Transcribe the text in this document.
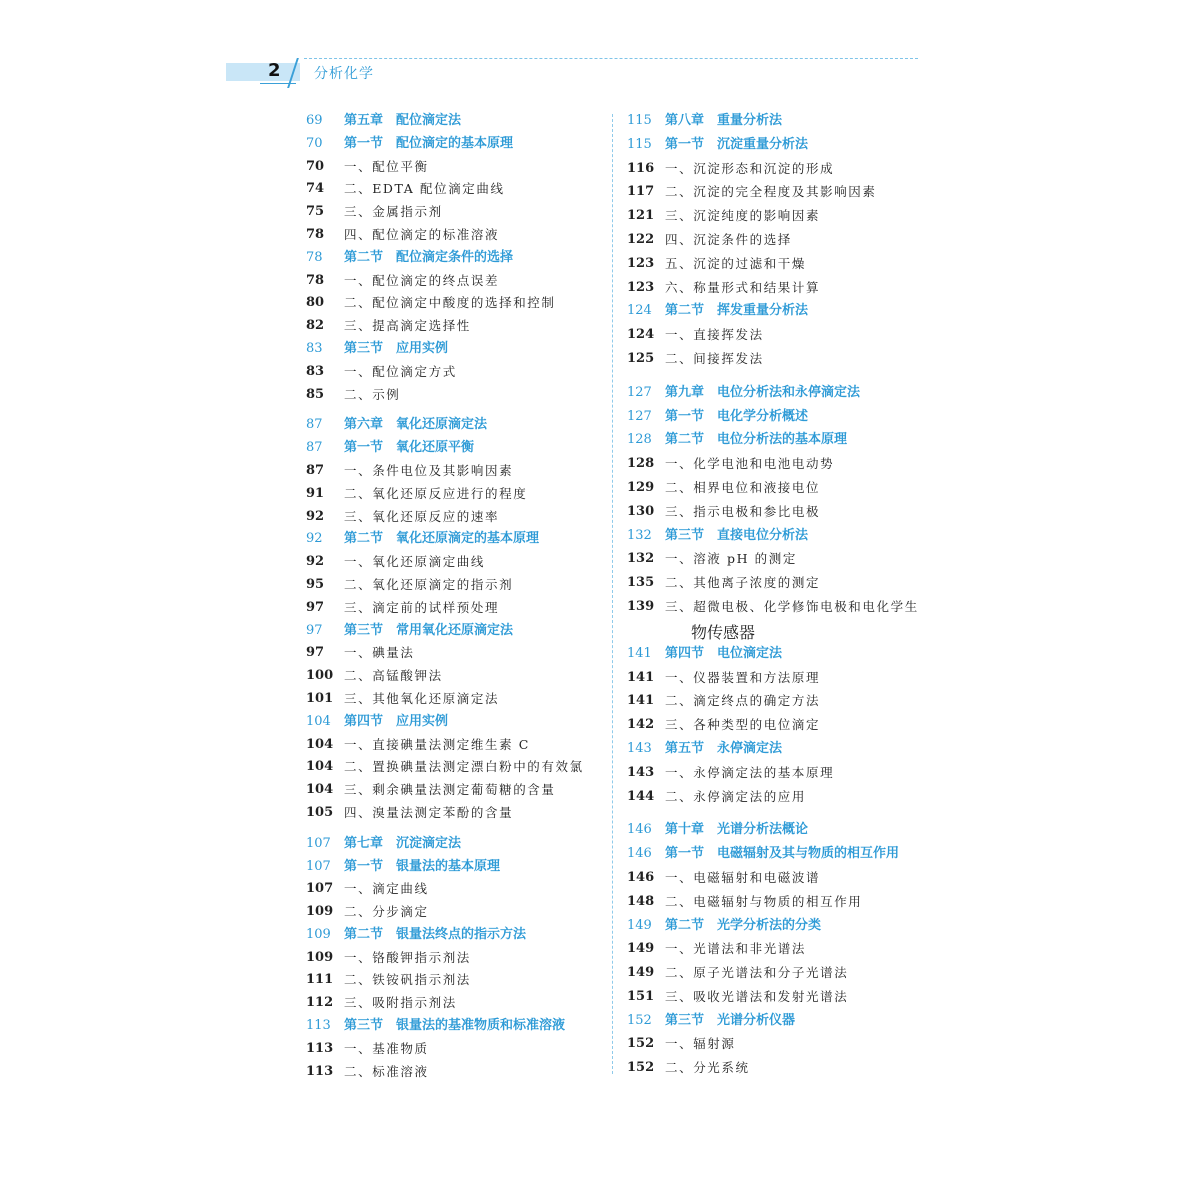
2 分析化学
69	第五章　配位滴定法
70	第一节　配位滴定的基本原理
70	一、配位平衡
74	二、EDTA 配位滴定曲线
75	三、金属指示剂
78	四、配位滴定的标准溶液
78	第二节　配位滴定条件的选择
78	一、配位滴定的终点误差
80	二、配位滴定中酸度的选择和控制
82	三、提高滴定选择性
83	第三节　应用实例
83	一、配位滴定方式
85	二、示例
87	第六章　氧化还原滴定法
87	第一节　氧化还原平衡
87	一、条件电位及其影响因素
91	二、氧化还原反应进行的程度
92	三、氧化还原反应的速率
92	第二节　氧化还原滴定的基本原理
92	一、氧化还原滴定曲线
95	二、氧化还原滴定的指示剂
97	三、滴定前的试样预处理
97	第三节　常用氧化还原滴定法
97	一、碘量法
100 二、高锰酸钾法
101 三、其他氧化还原滴定法
104	第四节　应用实例
104 一、直接碘量法测定维生素 C
104 二、置换碘量法测定漂白粉中的有效氯
104 三、剩余碘量法测定葡萄糖的含量
105 四、溴量法测定苯酚的含量
107	第七章　沉淀滴定法
107	第一节　银量法的基本原理
107 一、滴定曲线
109 二、分步滴定
109	第二节　银量法终点的指示方法
109 一、铬酸钾指示剂法
111 二、铁铵矾指示剂法
112 三、吸附指示剂法
113	第三节　银量法的基准物质和标准溶液
113 一、基准物质
113 二、标准溶液
115	第八章　重量分析法
115	第一节　沉淀重量分析法
116 一、沉淀形态和沉淀的形成
117 二、沉淀的完全程度及其影响因素
121 三、沉淀纯度的影响因素
122 四、沉淀条件的选择
123 五、沉淀的过滤和干燥
123 六、称量形式和结果计算
124	第二节　挥发重量分析法
124 一、直接挥发法
125 二、间接挥发法
127	第九章　电位分析法和永停滴定法
127	第一节　电化学分析概述
128	第二节　电位分析法的基本原理
128 一、化学电池和电池电动势
129 二、相界电位和液接电位
130 三、指示电极和参比电极
132	第三节　直接电位分析法
132 一、溶液 pH 的测定
135 二、其他离子浓度的测定
139 三、超微电极、化学修饰电极和电化学生
物传感器
141	第四节　电位滴定法
141 一、仪器装置和方法原理
141 二、滴定终点的确定方法
142 三、各种类型的电位滴定
143	第五节　永停滴定法
143 一、永停滴定法的基本原理
144 二、永停滴定法的应用
146	第十章　光谱分析法概论
146	第一节　电磁辐射及其与物质的相互作用
146 一、电磁辐射和电磁波谱
148 二、电磁辐射与物质的相互作用
149	第二节　光学分析法的分类
149 一、光谱法和非光谱法
149 二、原子光谱法和分子光谱法
151 三、吸收光谱法和发射光谱法
152	第三节　光谱分析仪器
152 一、辐射源
152 二、分光系统
